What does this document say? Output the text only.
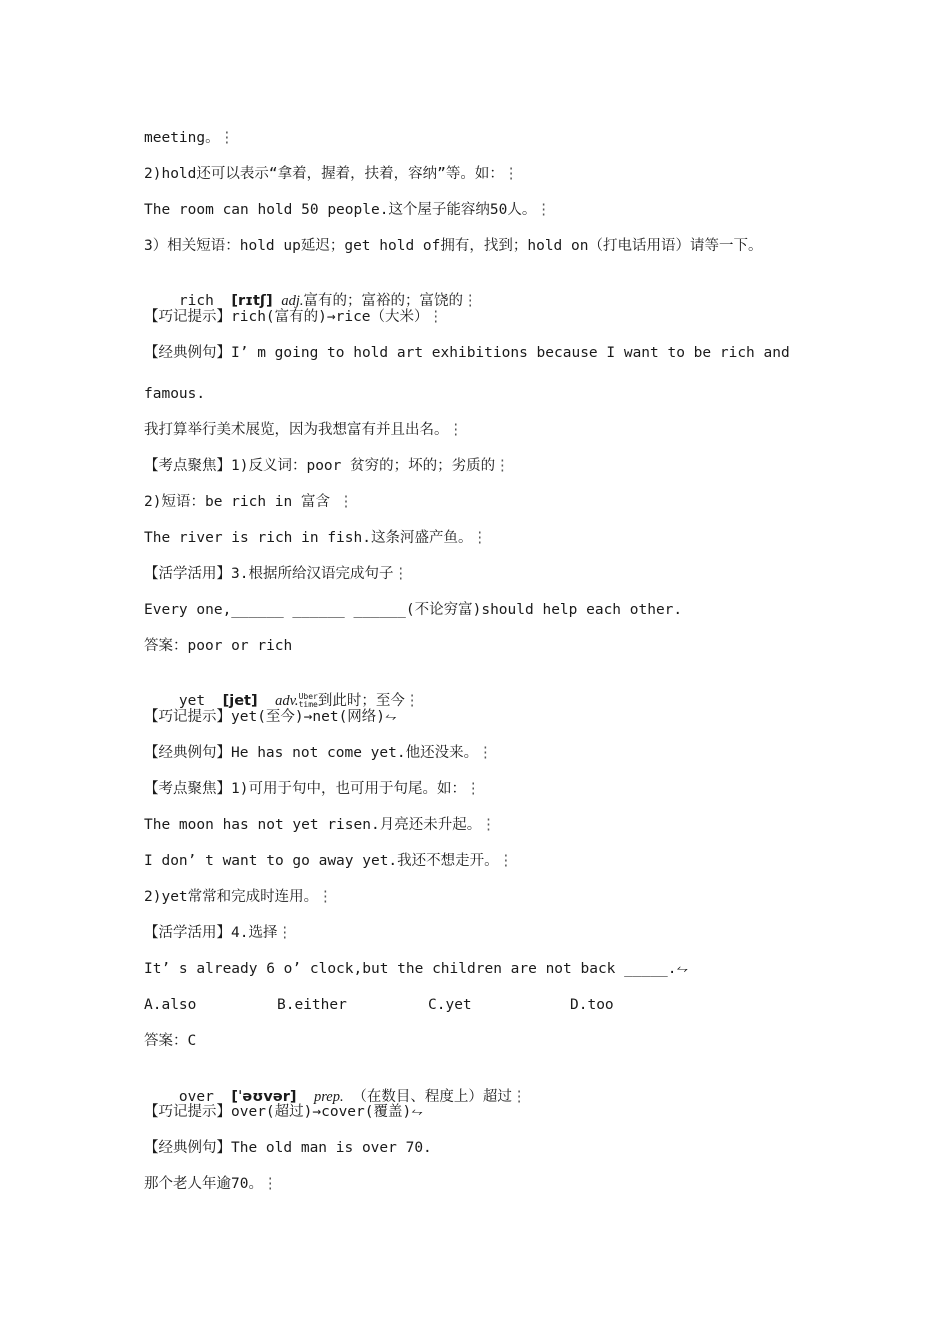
meeting。⋮
2)hold还可以表示“拿着，握着，扶着，容纳”等。如：⋮
The room can hold 50 people.这个屋子能容纳50人。⋮
3）相关短语：hold up延迟；get hold of拥有，找到；hold on（打电话用语）请等一下。

rich [rɪtʃ] adj.富有的；富裕的；富饶的⋮

【巧记提示】rich(富有的)→rice（大米）⋮
【经典例句】I’ m going to hold art exhibitions because I want to be rich and
famous.
我打算举行美术展览，因为我想富有并且出名。⋮
【考点聚焦】1)反义词：poor 贫穷的；坏的；劣质的⋮
2)短语：be rich in 富含 ⋮
The river is rich in fish.这条河盛产鱼。⋮
【活学活用】3.根据所给汉语完成句子⋮
Every one,______ ______ ______(不论穷富)should help each other.
答案：poor or rich

yet [jet] adv.Uber
time到此时；至今⋮

【巧记提示】yet(至今)→net(网络)⥊
【经典例句】He has not come yet.他还没来。⋮
【考点聚焦】1)可用于句中，也可用于句尾。如：⋮
The moon has not yet risen.月亮还未升起。⋮
I don’ t want to go away yet.我还不想走开。⋮
2)yet常常和完成时连用。⋮
【活学活用】4.选择⋮
It’ s already 6 o’ clock,but the children are not back _____.⥊

A.also

	B.either

	C.yet

	D.too

答案：C

over [ˈəʊvər] prep. （在数目、程度上）超过⋮

【巧记提示】over(超过)→cover(覆盖)⥊
【经典例句】The old man is over 70.
那个老人年逾70。⋮
